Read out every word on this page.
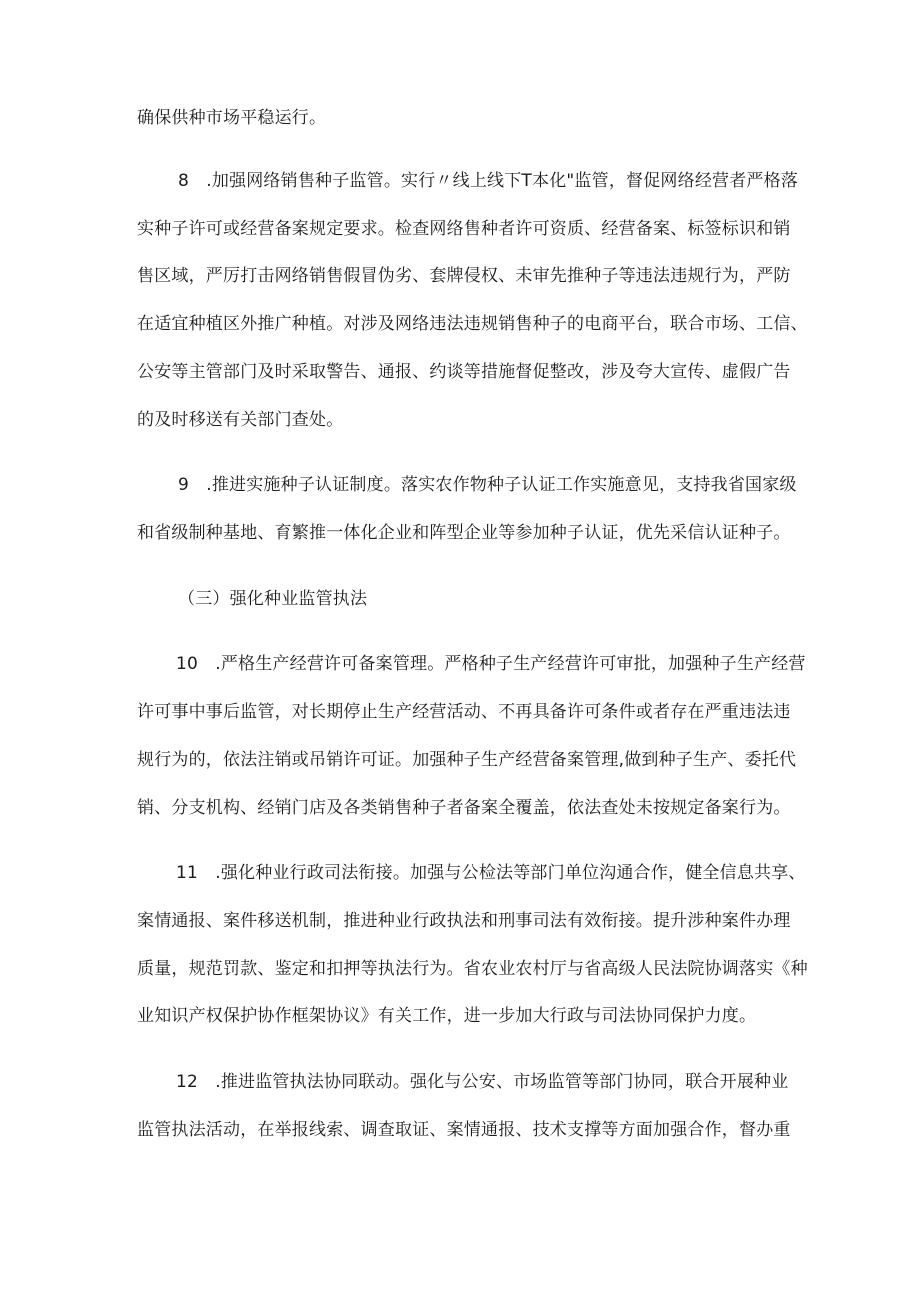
确保供种市场平稳运行。
8　.加强网络销售种子监管。实行〃线上线下T本化"监管，督促网络经营者严格落
实种子许可或经营备案规定要求。检查网络售种者许可资质、经营备案、标签标识和销
售区域，严厉打击网络销售假冒伪劣、套牌侵权、未审先推种子等违法违规行为，严防
在适宜种植区外推广种植。对涉及网络违法违规销售种子的电商平台，联合市场、工信、
公安等主管部门及时采取警告、通报、约谈等措施督促整改，涉及夸大宣传、虚假广告
的及时移送有关部门查处。
9　.推进实施种子认证制度。落实农作物种子认证工作实施意见，支持我省国家级
和省级制种基地、育繁推一体化企业和阵型企业等参加种子认证，优先采信认证种子。
（三）强化种业监管执法
10　.严格生产经营许可备案管理。严格种子生产经营许可审批，加强种子生产经营
许可事中事后监管，对长期停止生产经营活动、不再具备许可条件或者存在严重违法违
规行为的，依法注销或吊销许可证。加强种子生产经营备案管理,做到种子生产、委托代
销、分支机构、经销门店及各类销售种子者备案全覆盖，依法查处未按规定备案行为。
11　.强化种业行政司法衔接。加强与公检法等部门单位沟通合作，健全信息共享、
案情通报、案件移送机制，推进种业行政执法和刑事司法有效衔接。提升涉种案件办理
质量，规范罚款、鉴定和扣押等执法行为。省农业农村厅与省高级人民法院协调落实《种
业知识产权保护协作框架协议》有关工作，进一步加大行政与司法协同保护力度。
12　.推进监管执法协同联动。强化与公安、市场监管等部门协同，联合开展种业
监管执法活动，在举报线索、调查取证、案情通报、技术支撑等方面加强合作，督办重
